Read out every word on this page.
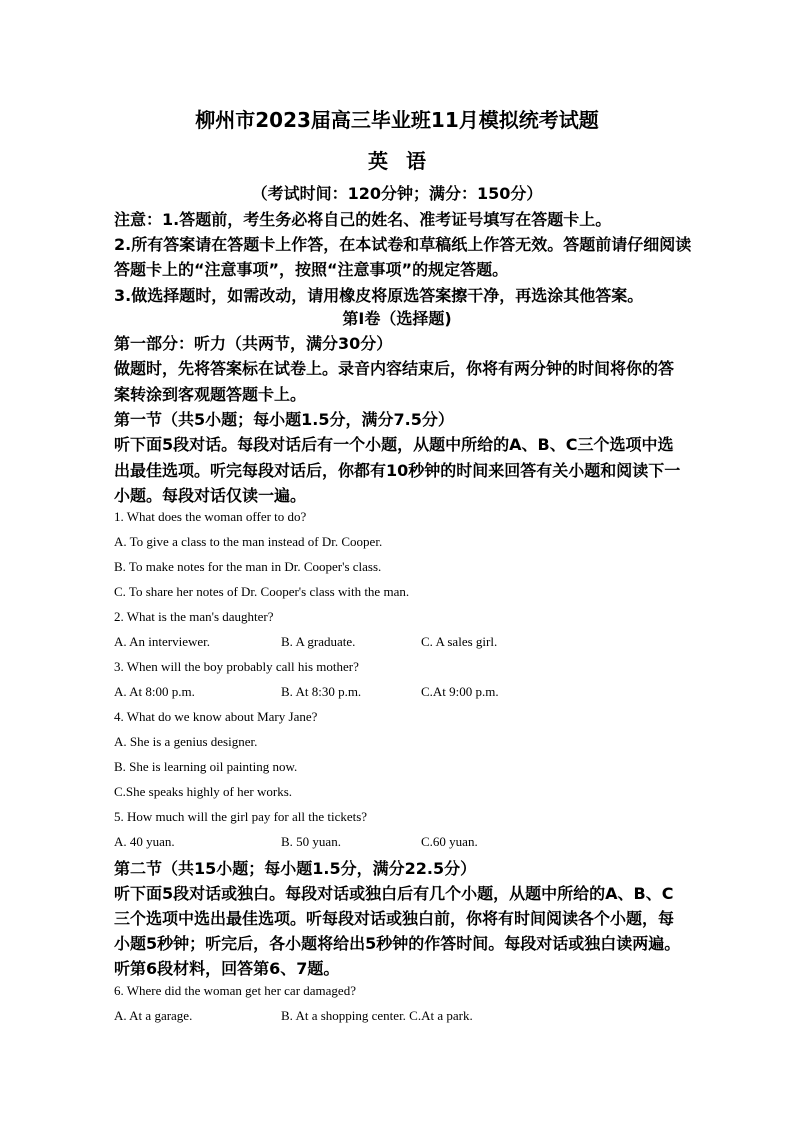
柳州市2023届高三毕业班11月模拟统考试题
英语
（考试时间：120分钟；满分：150分）
注意：1.答题前，考生务必将自己的姓名、准考证号填写在答题卡上。
2.所有答案请在答题卡上作答，在本试卷和草稿纸上作答无效。答题前请仔细阅读
答题卡上的“注意事项”，按照“注意事项”的规定答题。
3.做选择题时，如需改动，请用橡皮将原选答案擦干净，再选涂其他答案。
第I卷（选择题)
第一部分：听力（共两节，满分30分）
做题时，先将答案标在试卷上。录音内容结束后，你将有两分钟的时间将你的答
案转涂到客观题答题卡上。
第一节（共5小题；每小题1.5分，满分7.5分）
听下面5段对话。每段对话后有一个小题，从题中所给的A、B、C三个选项中选
出最佳选项。听完每段对话后，你都有10秒钟的时间来回答有关小题和阅读下一
小题。每段对话仅读一遍。
1. What does the woman offer to do?
A. To give a class to the man instead of Dr. Cooper.
B. To make notes for the man in Dr. Cooper's class.
C. To share her notes of Dr. Cooper's class with the man.
2. What is the man's daughter?
A. An interviewer.	B. A graduate.	C. A sales girl.
3. When will the boy probably call his mother?
A. At 8:00 p.m.	B. At 8:30 p.m.	C.At 9:00 p.m.
4. What do we know about Mary Jane?
A. She is a genius designer.
B. She is learning oil painting now.
C.She speaks highly of her works.
5. How much will the girl pay for all the tickets?
A. 40 yuan.	B. 50 yuan.	C.60 yuan.
第二节（共15小题；每小题1.5分，满分22.5分）
听下面5段对话或独白。每段对话或独白后有几个小题，从题中所给的A、B、C
三个选项中选出最佳选项。听每段对话或独白前，你将有时间阅读各个小题，每
小题5秒钟；听完后，各小题将给出5秒钟的作答时间。每段对话或独白读两遍。
听第6段材料，回答第6、7题。
6. Where did the woman get her car damaged?
A. At a garage.	B. At a shopping center. C.At a park.
